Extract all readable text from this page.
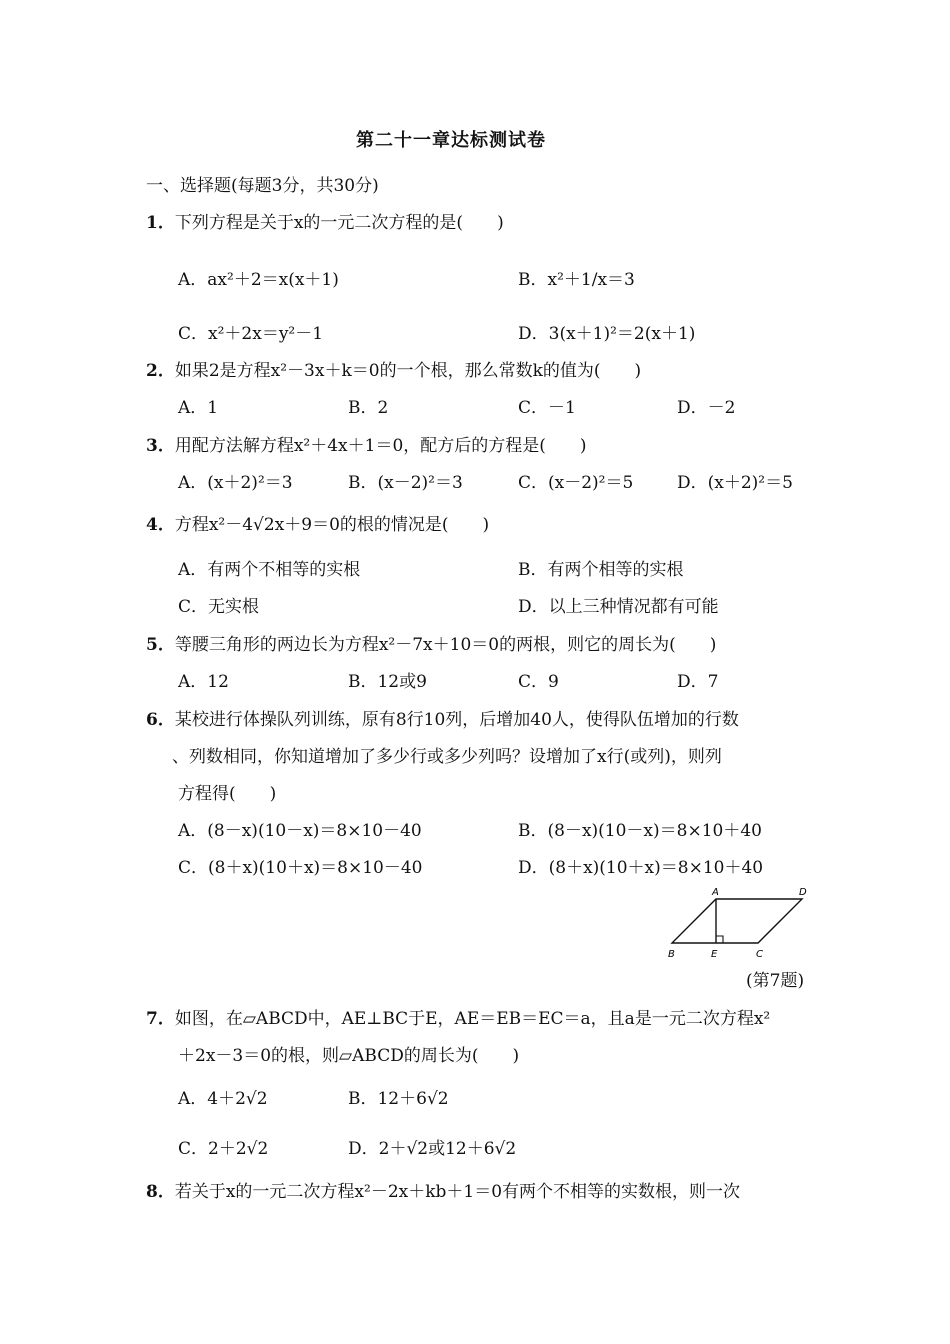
第二十一章达标测试卷
一、选择题(每题3分，共30分)
1．下列方程是关于x的一元二次方程的是(　　)
A．ax²＋2＝x(x＋1)	B．x²＋1/x＝3
C．x²＋2x＝y²－1	D．3(x＋1)²＝2(x＋1)
2．如果2是方程x²－3x＋k＝0的一个根，那么常数k的值为(　　)
A．1	B．2	C．－1	D．－2
3．用配方法解方程x²＋4x＋1＝0，配方后的方程是(　　)
A．(x＋2)²＝3	B．(x－2)²＝3	C．(x－2)²＝5	D．(x＋2)²＝5
4．方程x²－4√2x＋9＝0的根的情况是(　　)
A．有两个不相等的实根	B．有两个相等的实根
C．无实根	D．以上三种情况都有可能
5．等腰三角形的两边长为方程x²－7x＋10＝0的两根，则它的周长为(　　)
A．12	B．12或9	C．9	D．7
6．某校进行体操队列训练，原有8行10列，后增加40人，使得队伍增加的行数
、列数相同，你知道增加了多少行或多少列吗？设增加了x行(或列)，则列
方程得(　　)
A．(8－x)(10－x)＝8×10－40	B．(8－x)(10－x)＝8×10＋40
C．(8＋x)(10＋x)＝8×10－40	D．(8＋x)(10＋x)＝8×10＋40
A	D
B	E	C
(第7题)
7．如图，在▱ABCD中，AE⊥BC于E，AE＝EB＝EC＝a，且a是一元二次方程x²
＋2x－3＝0的根，则▱ABCD的周长为(　　)
A．4＋2√2	B．12＋6√2
C．2＋2√2	D．2＋√2或12＋6√2
8．若关于x的一元二次方程x²－2x＋kb＋1＝0有两个不相等的实数根，则一次
